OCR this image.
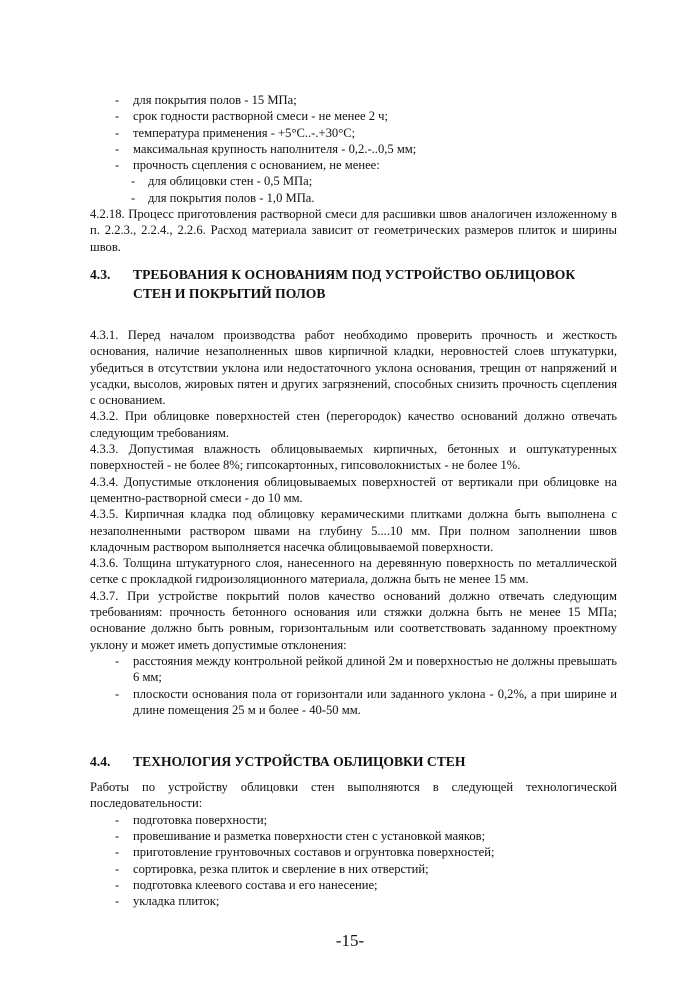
- для покрытия полов - 15 МПа;
- срок годности растворной смеси - не менее 2 ч;
- температура применения - +5°С..-.+30°С;
- максимальная крупность наполнителя - 0,2.-..0,5 мм;
- прочность сцепления с основанием, не менее:
- для облицовки стен - 0,5 МПа;
- для покрытия полов - 1,0 МПа.

4.2.18. Процесс приготовления растворной смеси для расшивки швов аналогичен изложенному в п. 2.2.3., 2.2.4., 2.2.6. Расход материала зависит от геометрических размеров плиток и ширины швов.

4.3. ТРЕБОВАНИЯ К ОСНОВАНИЯМ ПОД УСТРОЙСТВО ОБЛИЦОВОК СТЕН И ПОКРЫТИЙ ПОЛОВ

4.3.1. Перед началом производства работ необходимо проверить прочность и жесткость основания, наличие незаполненных швов кирпичной кладки, неровностей слоев штукатурки, убедиться в отсутствии уклона или недостаточного уклона основания, трещин от напряжений и усадки, высолов, жировых пятен и других загрязнений, способных снизить прочность сцепления с основанием.

4.3.2. При облицовке поверхностей стен (перегородок) качество оснований должно отвечать следующим требованиям.

4.3.3. Допустимая влажность облицовываемых кирпичных, бетонных и оштукатуренных поверхностей - не более 8%; гипсокартонных, гипсоволокнистых - не более 1%.

4.3.4. Допустимые отклонения облицовываемых поверхностей от вертикали при облицовке на цементно-растворной смеси - до 10 мм.

4.3.5. Кирпичная кладка под облицовку керамическими плитками должна быть выполнена с незаполненными раствором швами на глубину 5....10 мм. При полном заполнении швов кладочным раствором выполняется насечка облицовываемой поверхности.

4.3.6. Толщина штукатурного слоя, нанесенного на деревянную поверхность по металлической сетке с прокладкой гидроизоляционного материала, должна быть не менее 15 мм.

4.3.7. При устройстве покрытий полов качество оснований должно отвечать следующим требованиям: прочность бетонного основания или стяжки должна быть не менее 15 МПа; основание должно быть ровным, горизонтальным или соответствовать заданному проектному уклону и может иметь допустимые отклонения:

- расстояния между контрольной рейкой длиной 2м и поверхностью не должны превышать 6 мм;
- плоскости основания пола от горизонтали или заданного уклона - 0,2%, а при ширине и длине помещения 25 м и более - 40-50 мм.
4.4. ТЕХНОЛОГИЯ УСТРОЙСТВА ОБЛИЦОВКИ СТЕН

Работы по устройству облицовки стен выполняются в следующей технологической последовательности:

- подготовка поверхности;
- провешивание и разметка поверхности стен с установкой маяков;
- приготовление грунтовочных составов и огрунтовка поверхностей;
- сортировка, резка плиток и сверление в них отверстий;
- подготовка клеевого состава и его нанесение;
- укладка плиток;
-15-
